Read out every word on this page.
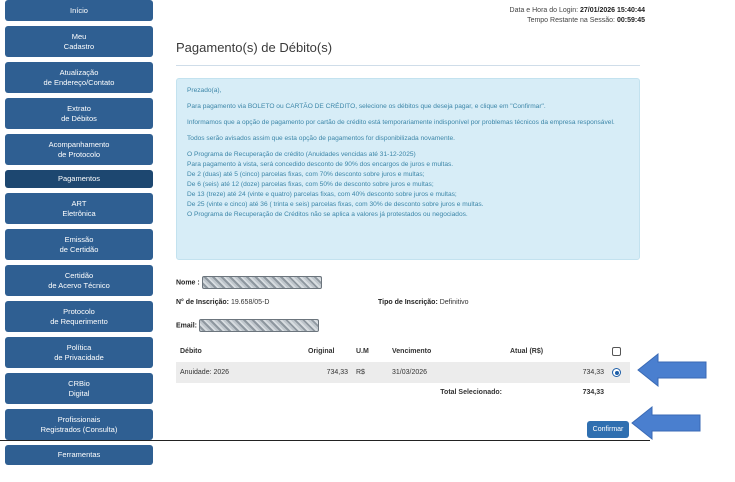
Início
Meu
Cadastro
Atualização
de Endereço/Contato
Extrato
de Débitos
Acompanhamento
de Protocolo
Pagamentos
ART
Eletrônica
Emissão
de Certidão
Certidão
de Acervo Técnico
Protocolo
de Requerimento
Política
de Privacidade
CRBio
Digital
Profissionais
Registrados (Consulta)
Ferramentas
Data e Hora do Login: 27/01/2026 15:40:44
Tempo Restante na Sessão: 00:59:45
Pagamento(s) de Débito(s)

Prezado(a),

Para pagamento via BOLETO ou CARTÃO DE CRÉDITO, selecione os débitos que deseja pagar, e clique em "Confirmar".

Informamos que a opção de pagamento por cartão de crédito está temporariamente indisponível por problemas técnicos da empresa responsável.

Todos serão avisados assim que esta opção de pagamentos for disponibilizada novamente.

O Programa de Recuperação de crédito (Anuidades vencidas até 31-12-2025)
Para pagamento à vista, será concedido desconto de 90% dos encargos de juros e multas.
De 2 (duas) até 5 (cinco) parcelas fixas, com 70% desconto sobre juros e multas;
De 6 (seis) até 12 (doze) parcelas fixas, com 50% de desconto sobre juros e multas;
De 13 (treze) até 24 (vinte e quatro) parcelas fixas, com 40% desconto sobre juros e multas;
De 25 (vinte e cinco) até 36 ( trinta e seis) parcelas fixas, com 30% de desconto sobre juros e multas.
O Programa de Recuperação de Créditos não se aplica a valores já protestados ou negociados.
Nome :
N° de Inscrição: 19.658/05-D	Tipo de Inscrição: Definitivo
Email:
Débito	Original	U.M	Vencimento	Atual (R$)	
Anuidade: 2026	734,33	R$	31/03/2026	734,33	
			Total Selecionado:	734,33	
Confirmar
